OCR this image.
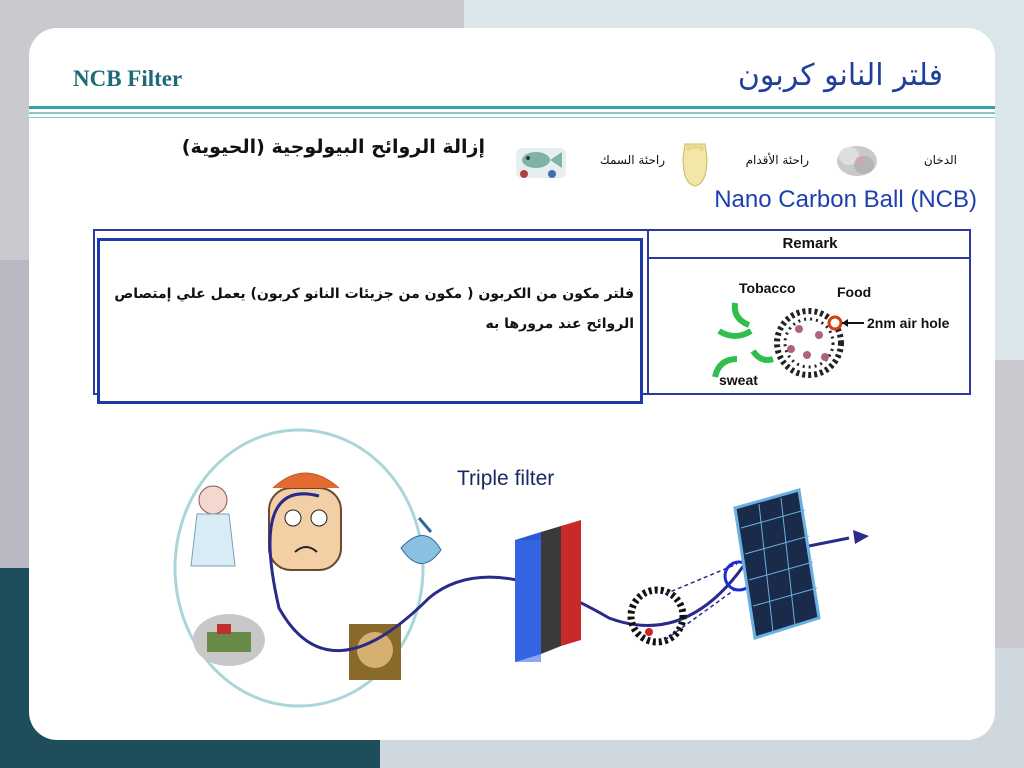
NCB Filter	فلتر النانو كربون
إزالة الروائح البيولوجية (الحيوية)
الدخان
راحئة الأقدام
راحئة السمك
Nano Carbon Ball (NCB)
Remark
Tobacco	Food
sweat
2nm air hole
فلتر مكون من الكربون ( مكون من جزيئات النانو كربون) يعمل علي إمتصاص الروائح عند مرورها به
Triple filter
